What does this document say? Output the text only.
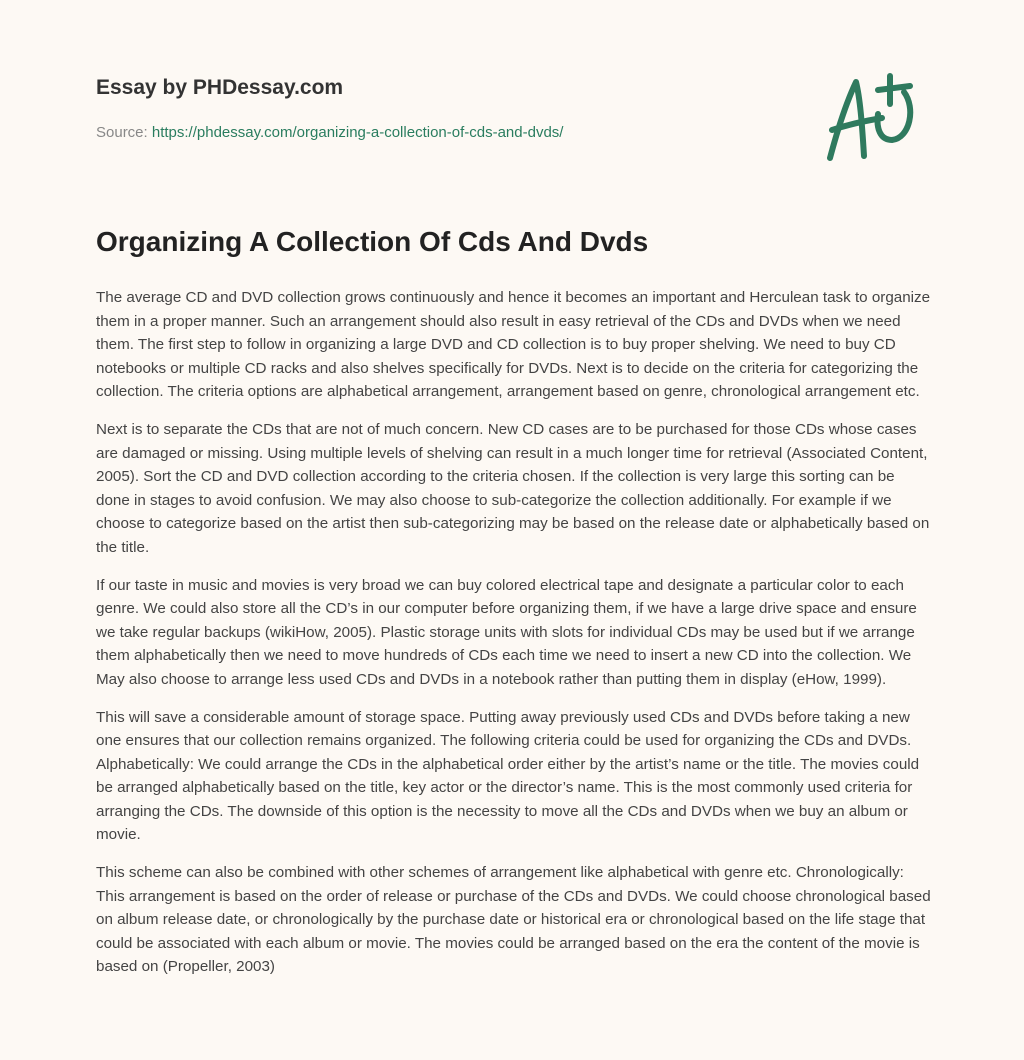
Essay by PHDessay.com
Source: https://phdessay.com/organizing-a-collection-of-cds-and-dvds/
Organizing A Collection Of Cds And Dvds

The average CD and DVD collection grows continuously and hence it becomes an important and Herculean task to organize them in a proper manner. Such an arrangement should also result in easy retrieval of the CDs and DVDs when we need them. The first step to follow in organizing a large DVD and CD collection is to buy proper shelving. We need to buy CD notebooks or multiple CD racks and also shelves specifically for DVDs. Next is to decide on the criteria for categorizing the collection. The criteria options are alphabetical arrangement, arrangement based on genre, chronological arrangement etc.

Next is to separate the CDs that are not of much concern. New CD cases are to be purchased for those CDs whose cases are damaged or missing. Using multiple levels of shelving can result in a much longer time for retrieval (Associated Content, 2005). Sort the CD and DVD collection according to the criteria chosen. If the collection is very large this sorting can be done in stages to avoid confusion. We may also choose to sub-categorize the collection additionally. For example if we choose to categorize based on the artist then sub-categorizing may be based on the release date or alphabetically based on the title.

If our taste in music and movies is very broad we can buy colored electrical tape and designate a particular color to each genre. We could also store all the CD’s in our computer before organizing them, if we have a large drive space and ensure we take regular backups (wikiHow, 2005). Plastic storage units with slots for individual CDs may be used but if we arrange them alphabetically then we need to move hundreds of CDs each time we need to insert a new CD into the collection. We May also choose to arrange less used CDs and DVDs in a notebook rather than putting them in display (eHow, 1999).

This will save a considerable amount of storage space. Putting away previously used CDs and DVDs before taking a new one ensures that our collection remains organized. The following criteria could be used for organizing the CDs and DVDs. Alphabetically: We could arrange the CDs in the alphabetical order either by the artist’s name or the title. The movies could be arranged alphabetically based on the title, key actor or the director’s name. This is the most commonly used criteria for arranging the CDs. The downside of this option is the necessity to move all the CDs and DVDs when we buy an album or movie.

This scheme can also be combined with other schemes of arrangement like alphabetical with genre etc. Chronologically: This arrangement is based on the order of release or purchase of the CDs and DVDs. We could choose chronological based on album release date, or chronologically by the purchase date or historical era or chronological based on the life stage that could be associated with each album or movie. The movies could be arranged based on the era the content of the movie is based on (Propeller, 2003)
